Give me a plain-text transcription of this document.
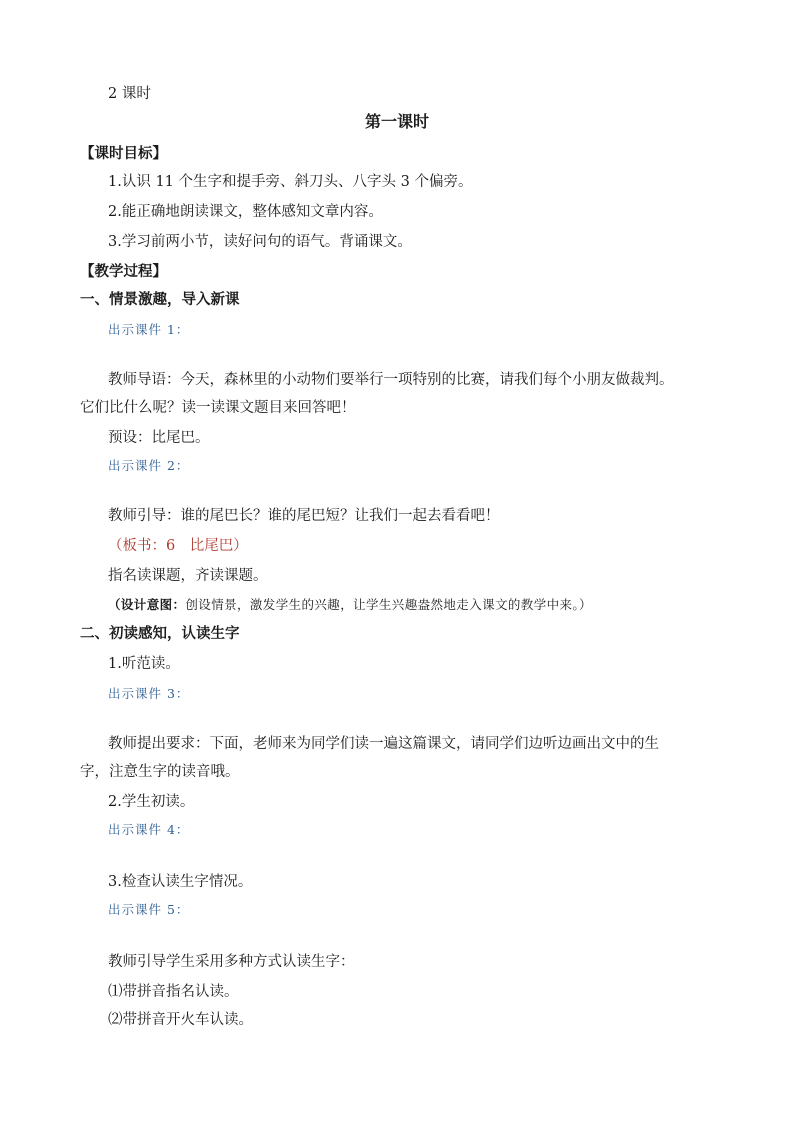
2 课时
第一课时
【课时目标】
1.认识 11 个生字和提手旁、斜刀头、八字头 3 个偏旁。
2.能正确地朗读课文，整体感知文章内容。
3.学习前两小节，读好问句的语气。背诵课文。
【教学过程】
一、情景激趣，导入新课
出示课件 1：
教师导语：今天，森林里的小动物们要举行一项特别的比赛，请我们每个小朋友做裁判。
它们比什么呢？读一读课文题目来回答吧！
预设：比尾巴。
出示课件 2：
教师引导：谁的尾巴长？谁的尾巴短？让我们一起去看看吧！
（板书：6　比尾巴）
指名读课题，齐读课题。
（设计意图：创设情景，激发学生的兴趣，让学生兴趣盎然地走入课文的教学中来。）
二、初读感知，认读生字
1.听范读。
出示课件 3：
教师提出要求：下面，老师来为同学们读一遍这篇课文，请同学们边听边画出文中的生
字，注意生字的读音哦。
2.学生初读。
出示课件 4：
3.检查认读生字情况。
出示课件 5：
教师引导学生采用多种方式认读生字：
⑴带拼音指名认读。
⑵带拼音开火车认读。
